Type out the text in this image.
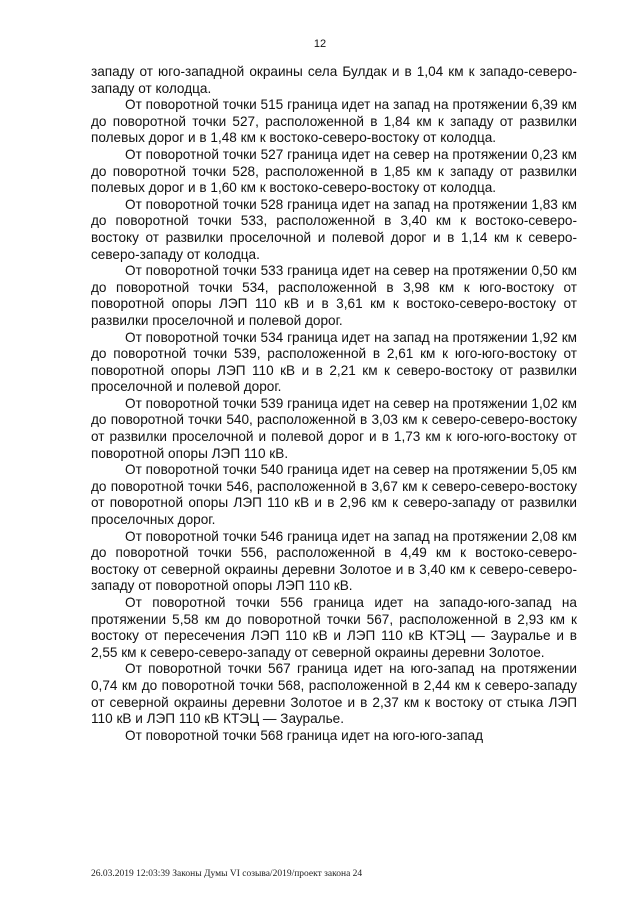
12

западу от юго-западной окраины села Булдак и в 1,04 км к западо-северо-западу от колодца.

От поворотной точки 515 граница идет на запад на протяжении 6,39 км до поворотной точки 527, расположенной в 1,84 км к западу от развилки полевых дорог и в 1,48 км к востоко-северо-востоку от колодца.

От поворотной точки 527 граница идет на север на протяжении 0,23 км до поворотной точки 528, расположенной в 1,85 км к западу от развилки полевых дорог и в 1,60 км к востоко-северо-востоку от колодца.

От поворотной точки 528 граница идет на запад на протяжении 1,83 км до поворотной точки 533, расположенной в 3,40 км к востоко-северо-востоку от развилки проселочной и полевой дорог и в 1,14 км к северо-северо-западу от колодца.

От поворотной точки 533 граница идет на север на протяжении 0,50 км до поворотной точки 534, расположенной в 3,98 км к юго-востоку от поворотной опоры ЛЭП 110 кВ и в 3,61 км к востоко-северо-востоку от развилки проселочной и полевой дорог.

От поворотной точки 534 граница идет на запад на протяжении 1,92 км до поворотной точки 539, расположенной в 2,61 км к юго-юго-востоку от поворотной опоры ЛЭП 110 кВ и в 2,21 км к северо-востоку от развилки проселочной и полевой дорог.

От поворотной точки 539 граница идет на север на протяжении 1,02 км до поворотной точки 540, расположенной в 3,03 км к северо-северо-востоку от развилки проселочной и полевой дорог и в 1,73 км к юго-юго-востоку от поворотной опоры ЛЭП 110 кВ.

От поворотной точки 540 граница идет на север на протяжении 5,05 км до поворотной точки 546, расположенной в 3,67 км к северо-северо-востоку от поворотной опоры ЛЭП 110 кВ и в 2,96 км к северо-западу от развилки проселочных дорог.

От поворотной точки 546 граница идет на запад на протяжении 2,08 км до поворотной точки 556, расположенной в 4,49 км к востоко-северо-востоку от северной окраины деревни Золотое и в 3,40 км к северо-северо-западу от поворотной опоры ЛЭП 110 кВ.

От поворотной точки 556 граница идет на западо-юго-запад на протяжении 5,58 км до поворотной точки 567, расположенной в 2,93 км к востоку от пересечения ЛЭП 110 кВ и ЛЭП 110 кВ КТЭЦ — Зауралье и в 2,55 км к северо-северо-западу от северной окраины деревни Золотое.

От поворотной точки 567 граница идет на юго-запад на протяжении 0,74 км до поворотной точки 568, расположенной в 2,44 км к северо-западу от северной окраины деревни Золотое и в 2,37 км к востоку от стыка ЛЭП 110 кВ и ЛЭП 110 кВ КТЭЦ — Зауралье.

От поворотной точки 568 граница идет на юго-юго-запад

26.03.2019 12:03:39 Законы Думы VI созыва/2019/проект закона 24
